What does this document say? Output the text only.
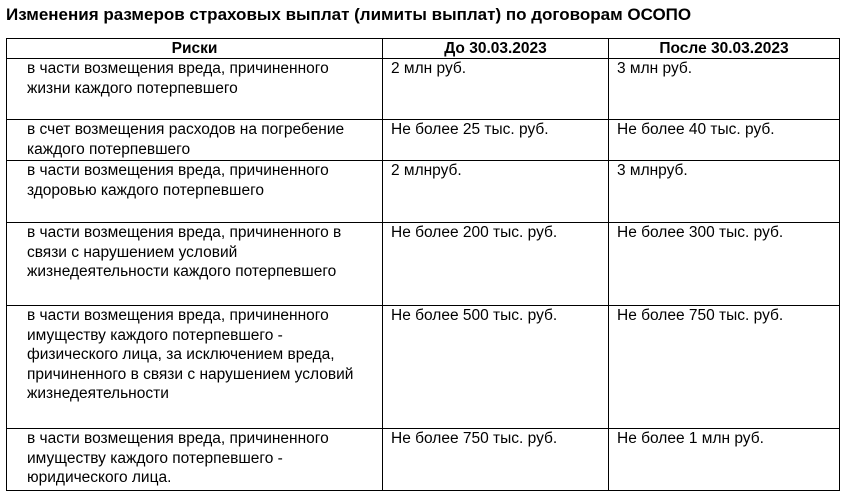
Изменения размеров страховых выплат (лимиты выплат) по договорам ОСОПО
Риски	До 30.03.2023	После 30.03.2023
в части возмещения вреда, причиненного жизни каждого потерпевшего	2 млн руб.	3 млн руб.
в счет возмещения расходов на погребение каждого потерпевшего	Не более 25 тыс. руб.	Не более 40 тыс. руб.
в части возмещения вреда, причиненного здоровью каждого потерпевшего	2 млнруб.	3 млнруб.
в части возмещения вреда, причиненного в связи с нарушением условий жизнедеятельности каждого потерпевшего	Не более 200 тыс. руб.	Не более 300 тыс. руб.
в части возмещения вреда, причиненного имуществу каждого потерпевшего - физического лица, за исключением вреда, причиненного в связи с нарушением условий жизнедеятельности	Не более 500 тыс. руб.	Не более 750 тыс. руб.
в части возмещения вреда, причиненного имуществу каждого потерпевшего - юридического лица.	Не более 750 тыс. руб.	Не более 1 млн руб.
